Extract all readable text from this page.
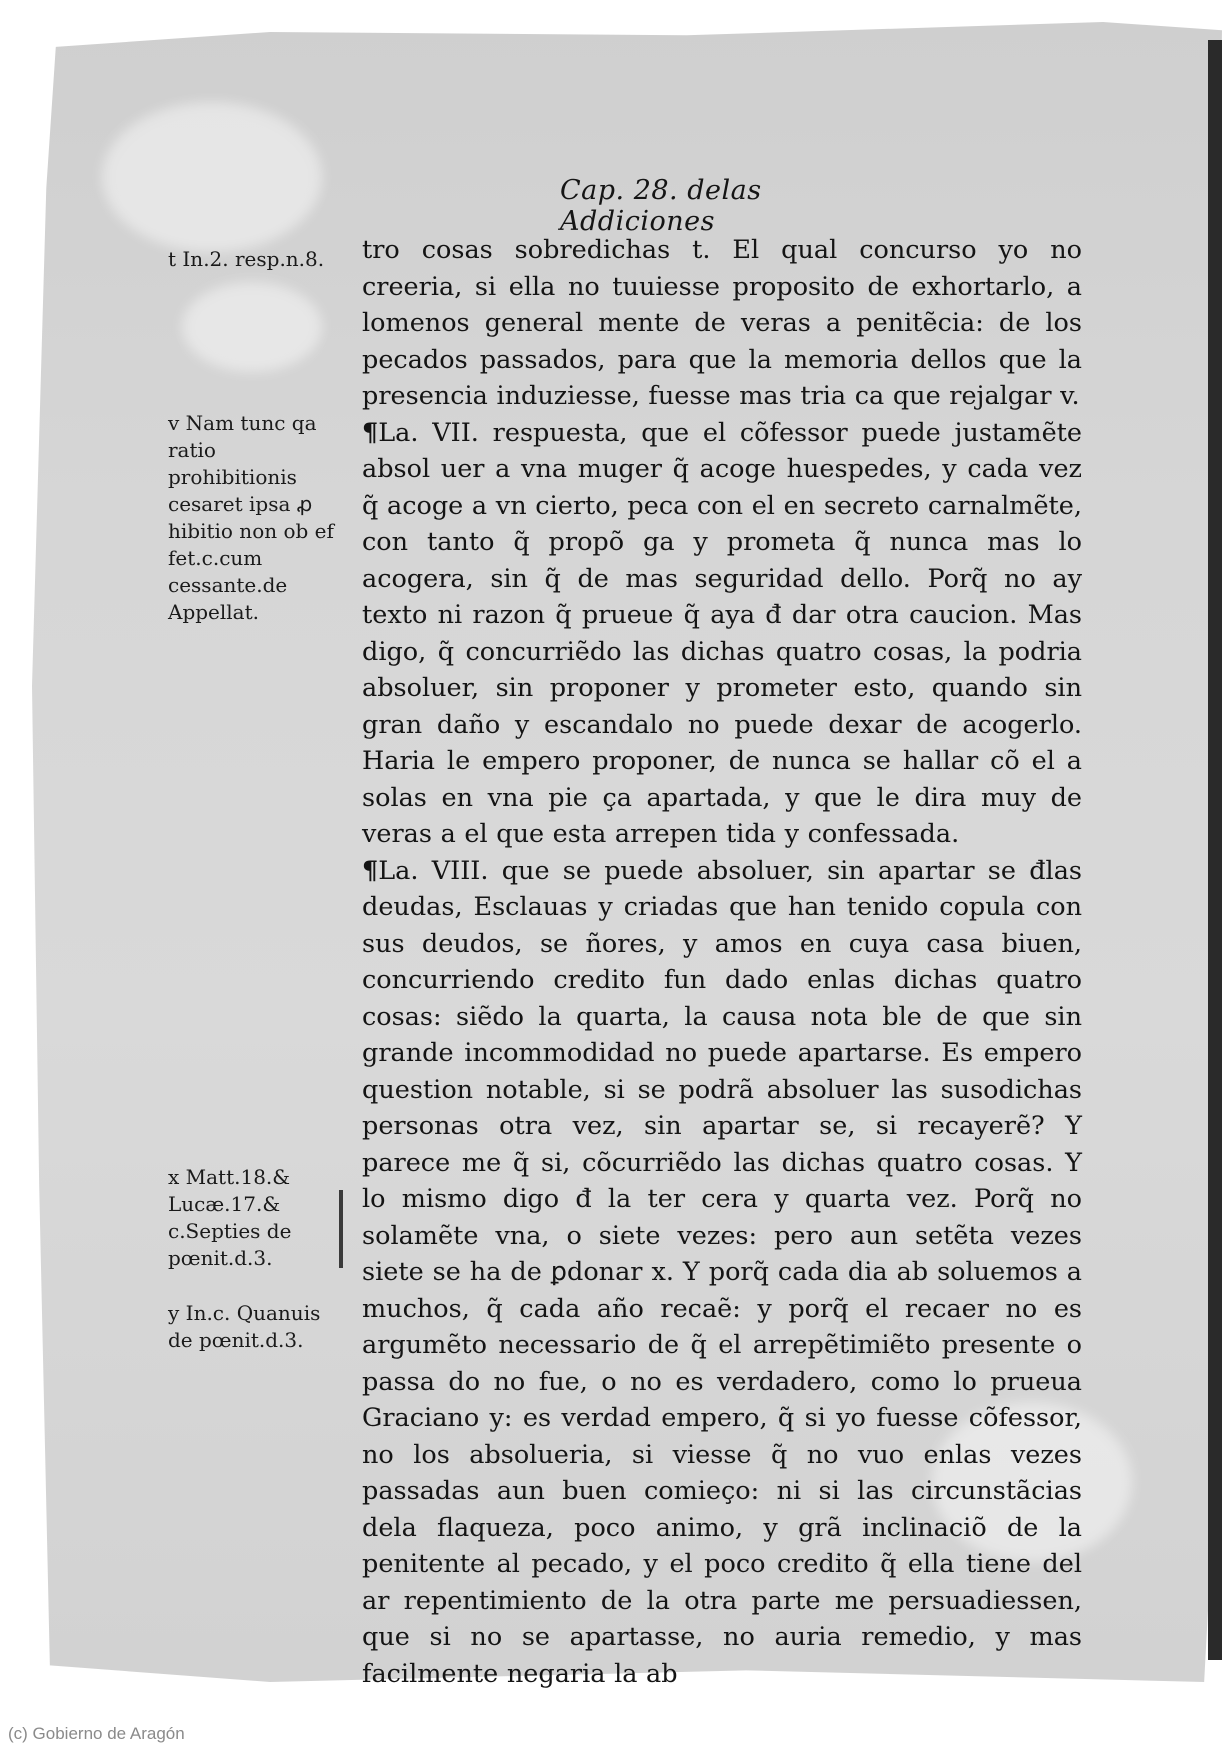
Cap. 28. delas Addiciones
t In.2. resp.n.8.
v Nam tunc qa ratio prohibitionis cesaret ipsa ꝓ hibitio non ob ef fet.c.cum cessante.de Appellat.
x Matt.18.& Lucæ.17.& c.Septies de pœnit.d.3.
y In.c. Quanuis de pœnit.d.3.

tro cosas sobredichas t. El qual concurso yo no creeria, si ella no tuuiesse proposito de exhortarlo, a lomenos general mente de veras a penitẽcia: de los pecados passados, para que la memoria dellos que la presencia induziesse, fuesse mas tria ca que rejalgar v.

¶La. VII. respuesta, que el cõfessor puede justamẽte absol uer a vna muger q̃ acoge huespedes, y cada vez q̃ acoge a vn cierto, peca con el en secreto carnalmẽte, con tanto q̃ propõ ga y prometa q̃ nunca mas lo acogera, sin q̃ de mas seguridad dello. Porq̃ no ay texto ni razon q̃ prueue q̃ aya đ dar otra caucion. Mas digo, q̃ concurriẽdo las dichas quatro cosas, la podria absoluer, sin proponer y prometer esto, quando sin gran daño y escandalo no puede dexar de acogerlo. Haria le empero proponer, de nunca se hallar cõ el a solas en vna pie ça apartada, y que le dira muy de veras a el que esta arrepen tida y confessada.

¶La. VIII. que se puede absoluer, sin apartar se đlas deudas, Esclauas y criadas que han tenido copula con sus deudos, se ñores, y amos en cuya casa biuen, concurriendo credito fun dado enlas dichas quatro cosas: siẽdo la quarta, la causa nota ble de que sin grande incommodidad no puede apartarse. Es empero question notable, si se podrã absoluer las susodichas personas otra vez, sin apartar se, si recayerẽ? Y parece me q̃ si, cõcurriẽdo las dichas quatro cosas. Y lo mismo digo đ la ter cera y quarta vez. Porq̃ no solamẽte vna, o siete vezes: pero aun setẽta vezes siete se ha de ꝑdonar x. Y porq̃ cada dia ab soluemos a muchos, q̃ cada año recaẽ: y porq̃ el recaer no es argumẽto necessario de q̃ el arrepẽtimiẽto presente o passa do no fue, o no es verdadero, como lo prueua Graciano y: es verdad empero, q̃ si yo fuesse cõfessor, no los absolueria, si viesse q̃ no vuo enlas vezes passadas aun buen comieço: ni si las circunstãcias dela flaqueza, poco animo, y grã inclinaciõ de la penitente al pecado, y el poco credito q̃ ella tiene del ar repentimiento de la otra parte me persuadiessen, que si no se apartasse, no auria remedio, y mas facilmente negaria la ab

(c) Gobierno de Aragón
